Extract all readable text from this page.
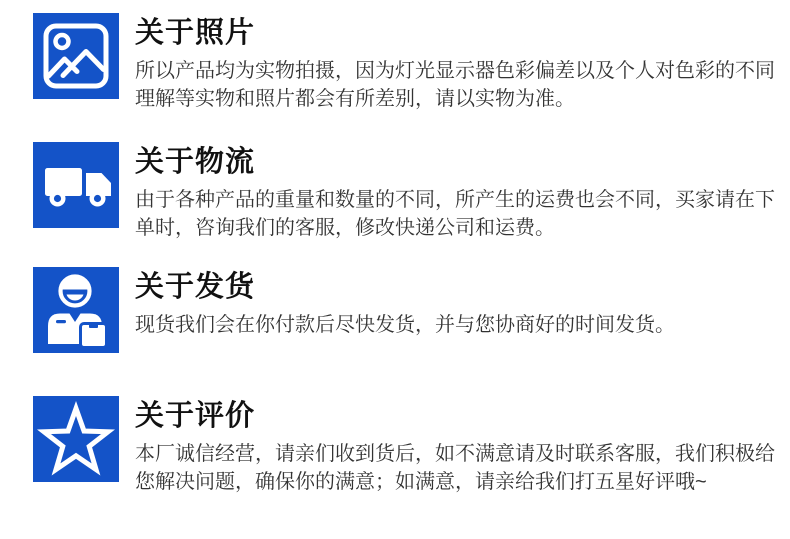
关于照片

所以产品均为实物拍摄，因为灯光显示器色彩偏差以及个人对色彩的不同理解等实物和照片都会有所差别，请以实物为准。

关于物流

由于各种产品的重量和数量的不同，所产生的运费也会不同，买家请在下单时，咨询我们的客服，修改快递公司和运费。

关于发货

现货我们会在你付款后尽快发货，并与您协商好的时间发货。

关于评价

本厂诚信经营，请亲们收到货后，如不满意请及时联系客服，我们积极给您解决问题，确保你的满意；如满意，请亲给我们打五星好评哦~
